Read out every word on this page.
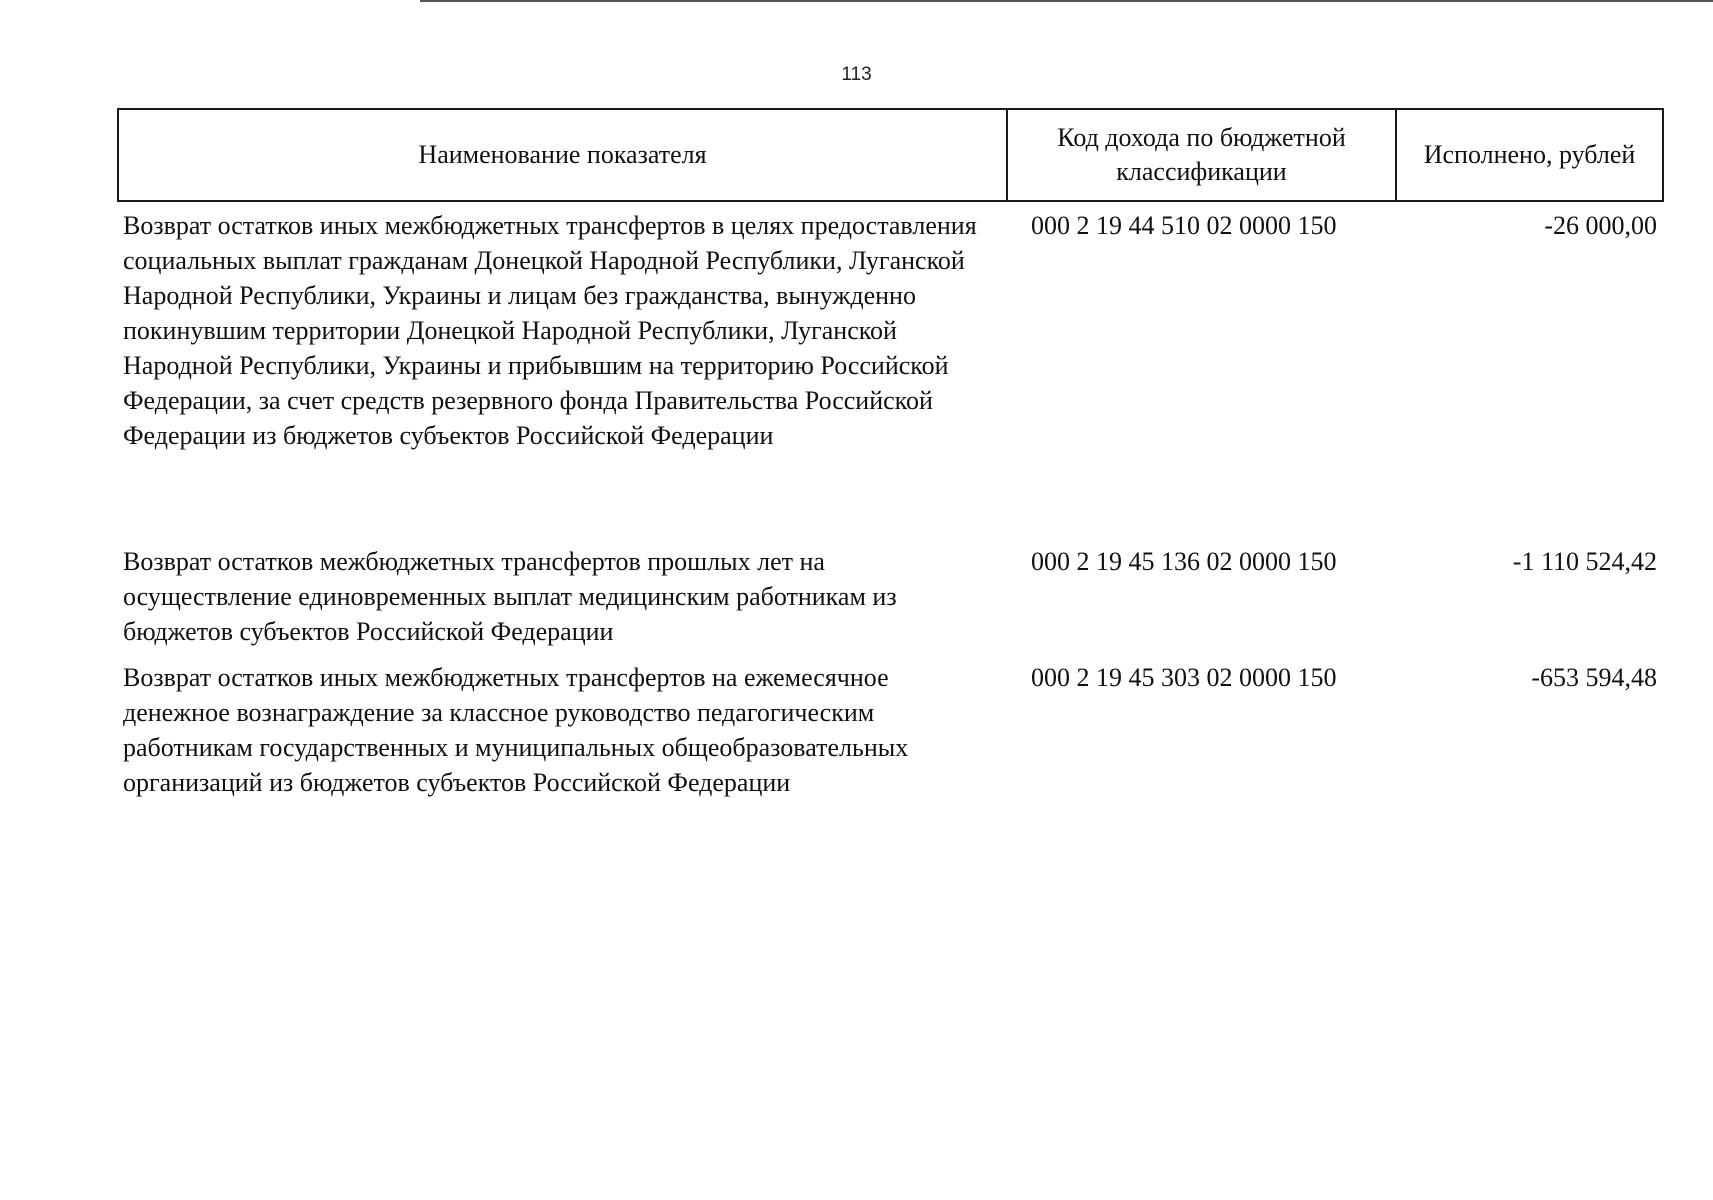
113
Наименование показателя	Код дохода по бюджетной классификации	Исполнено, рублей
Возврат остатков иных межбюджетных трансфертов в целях предоставления социальных выплат гражданам Донецкой Народной Республики, Луганской Народной Республики, Украины и лицам без гражданства, вынужденно покинувшим территории Донецкой Народной Республики, Луганской Народной Республики, Украины и прибывшим на территорию Российской Федерации, за счет средств резервного фонда Правительства Российской Федерации из бюджетов субъектов Российской Федерации	000 2 19 44 510 02 0000 150	-26 000,00
Возврат остатков межбюджетных трансфертов прошлых лет на осуществление единовременных выплат медицинским работникам из бюджетов субъектов Российской Федерации	000 2 19 45 136 02 0000 150	-1 110 524,42
Возврат остатков иных межбюджетных трансфертов на ежемесячное денежное вознаграждение за классное руководство педагогическим работникам государственных и муниципальных общеобразовательных организаций из бюджетов субъектов Российской Федерации	000 2 19 45 303 02 0000 150	-653 594,48
